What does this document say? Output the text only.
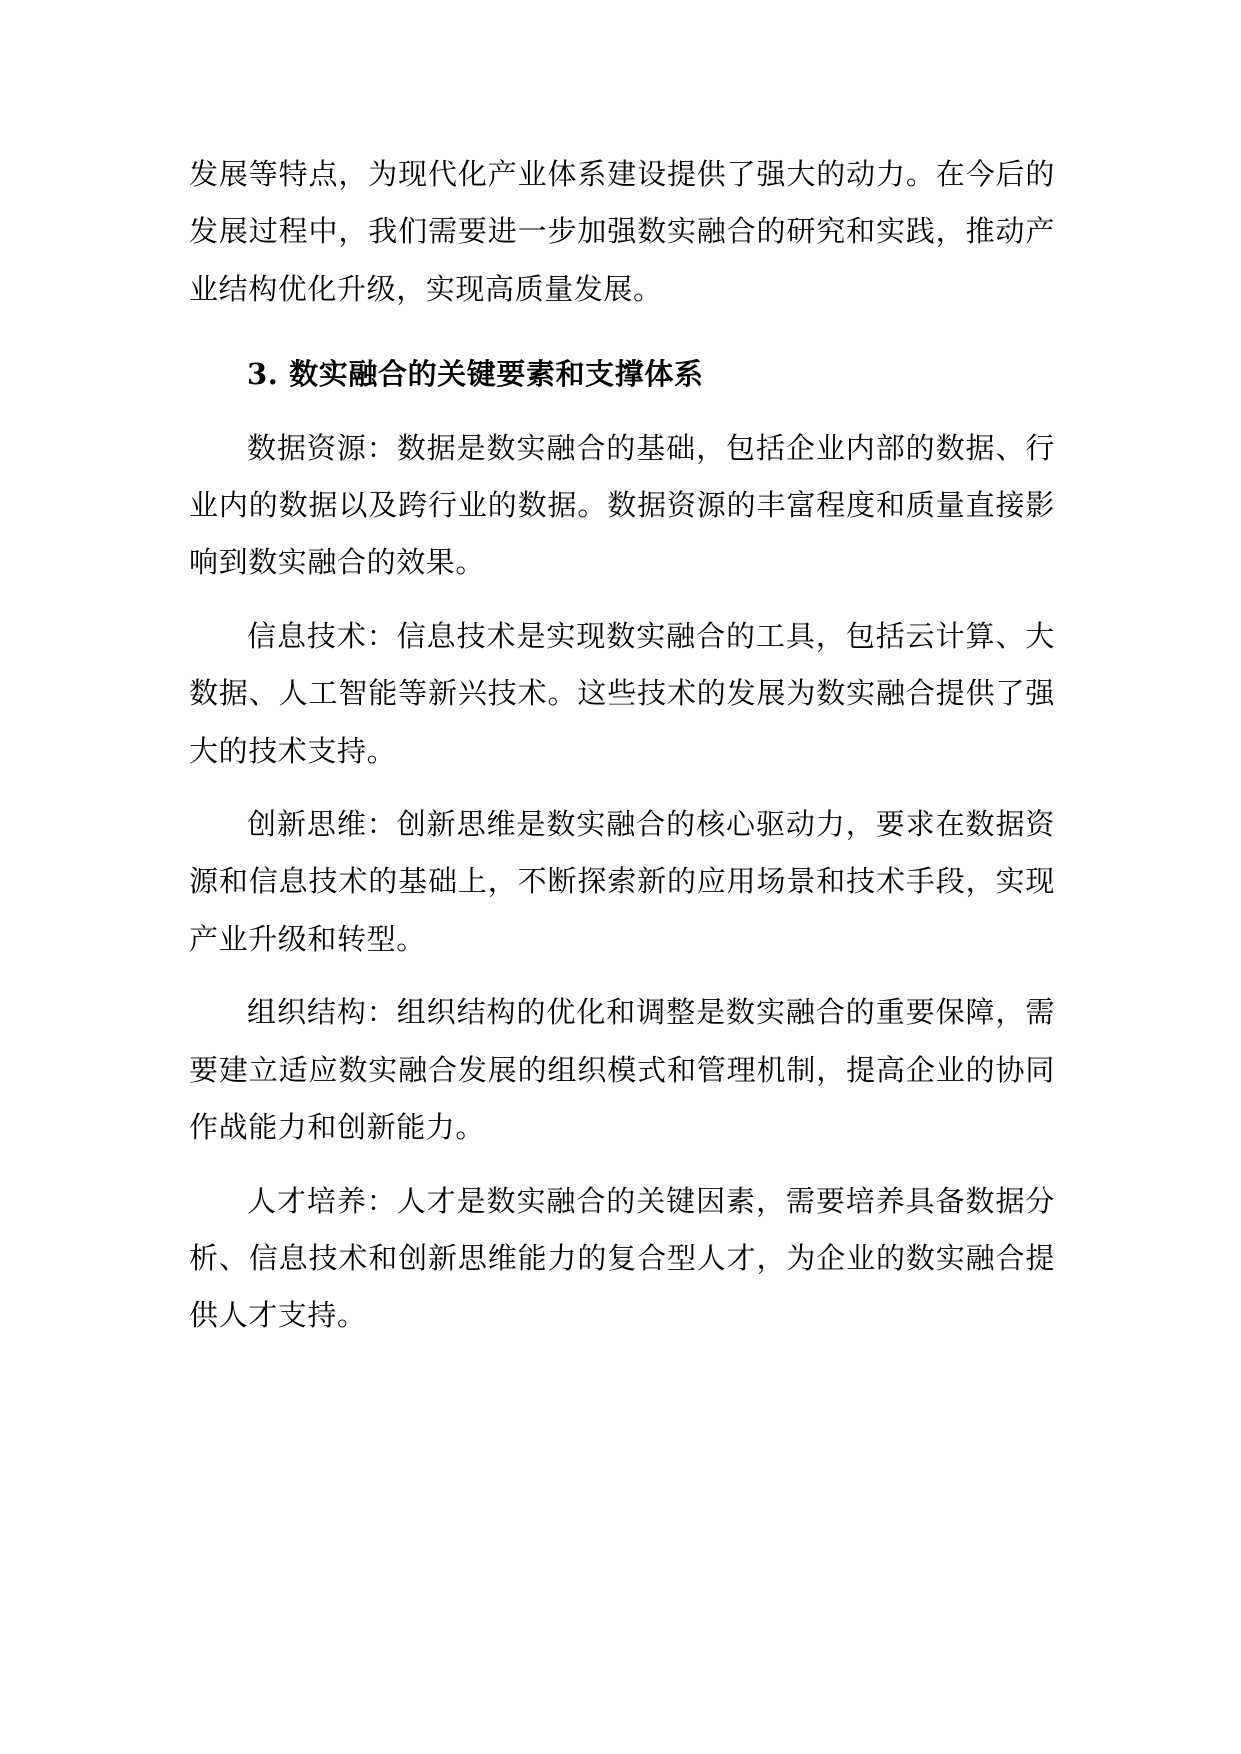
发展等特点，为现代化产业体系建设提供了强大的动力。在今后的发展过程中，我们需要进一步加强数实融合的研究和实践，推动产业结构优化升级，实现高质量发展。

3. 数实融合的关键要素和支撑体系

数据资源：数据是数实融合的基础，包括企业内部的数据、行业内的数据以及跨行业的数据。数据资源的丰富程度和质量直接影响到数实融合的效果。

信息技术：信息技术是实现数实融合的工具，包括云计算、大数据、人工智能等新兴技术。这些技术的发展为数实融合提供了强大的技术支持。

创新思维：创新思维是数实融合的核心驱动力，要求在数据资源和信息技术的基础上，不断探索新的应用场景和技术手段，实现产业升级和转型。

组织结构：组织结构的优化和调整是数实融合的重要保障，需要建立适应数实融合发展的组织模式和管理机制，提高企业的协同作战能力和创新能力。

人才培养：人才是数实融合的关键因素，需要培养具备数据分析、信息技术和创新思维能力的复合型人才，为企业的数实融合提供人才支持。
